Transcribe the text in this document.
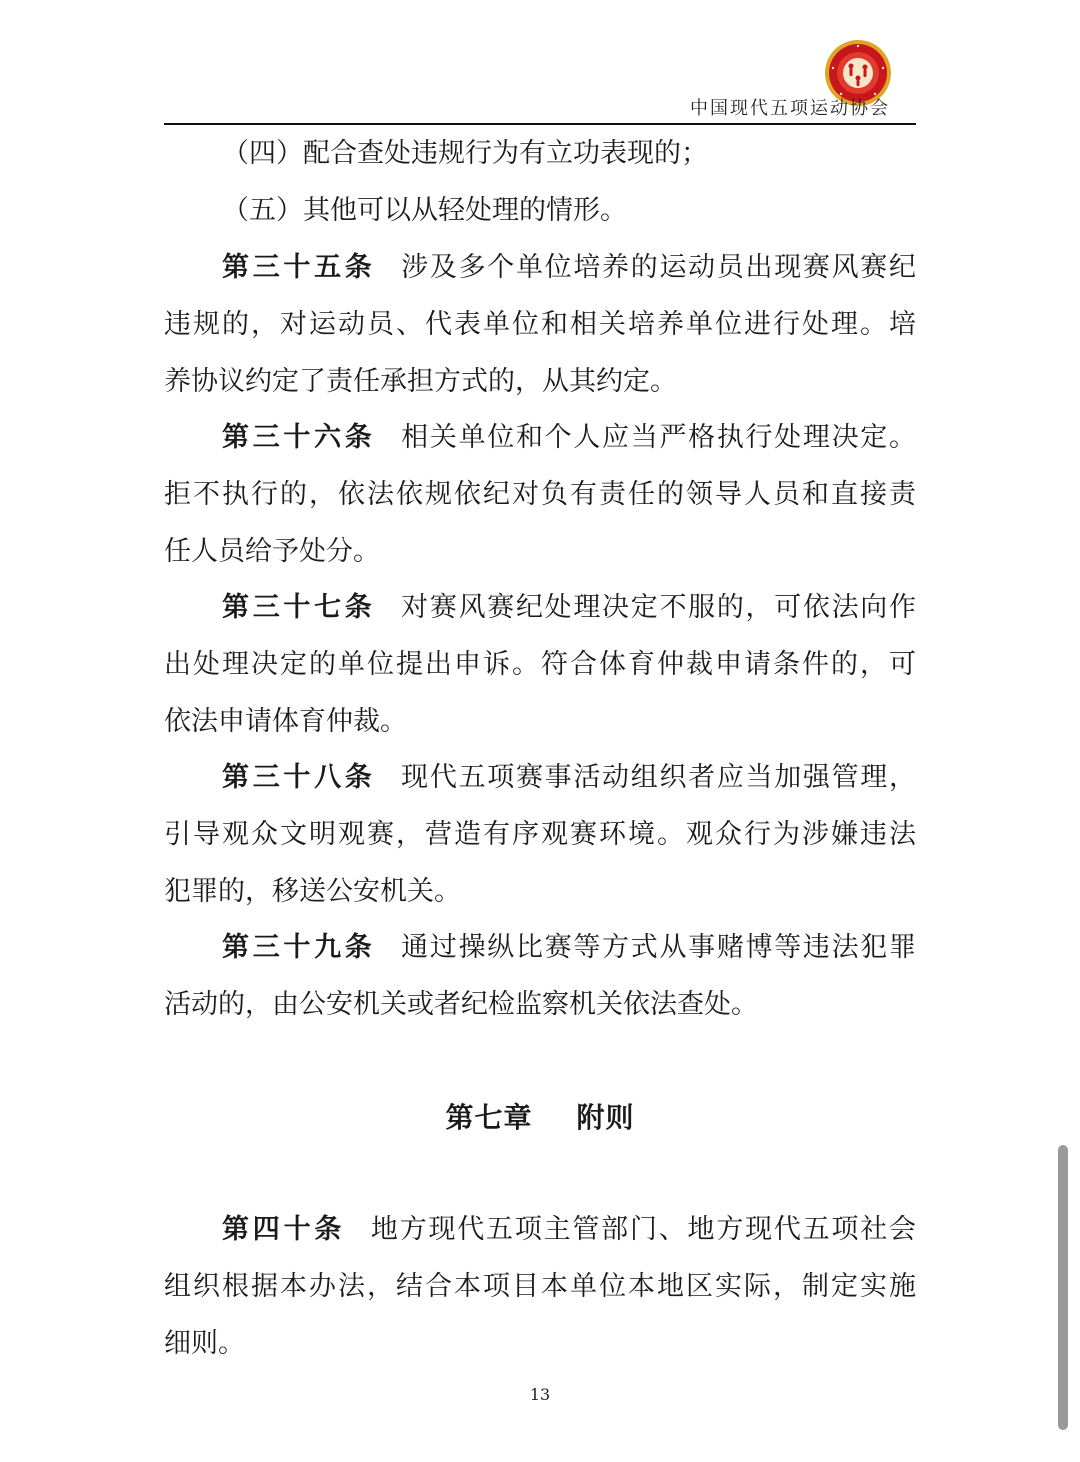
中国现代五项运动协会
（四）配合查处违规行为有立功表现的；
（五）其他可以从轻处理的情形。
第三十五条 涉及多个单位培养的运动员出现赛风赛纪
违规的，对运动员、代表单位和相关培养单位进行处理。培
养协议约定了责任承担方式的，从其约定。
第三十六条 相关单位和个人应当严格执行处理决定。
拒不执行的，依法依规依纪对负有责任的领导人员和直接责
任人员给予处分。
第三十七条 对赛风赛纪处理决定不服的，可依法向作
出处理决定的单位提出申诉。符合体育仲裁申请条件的，可
依法申请体育仲裁。
第三十八条 现代五项赛事活动组织者应当加强管理，
引导观众文明观赛，营造有序观赛环境。观众行为涉嫌违法
犯罪的，移送公安机关。
第三十九条 通过操纵比赛等方式从事赌博等违法犯罪
活动的，由公安机关或者纪检监察机关依法查处。
第七章 附则
第四十条 地方现代五项主管部门、地方现代五项社会
组织根据本办法，结合本项目本单位本地区实际，制定实施
细则。
13
